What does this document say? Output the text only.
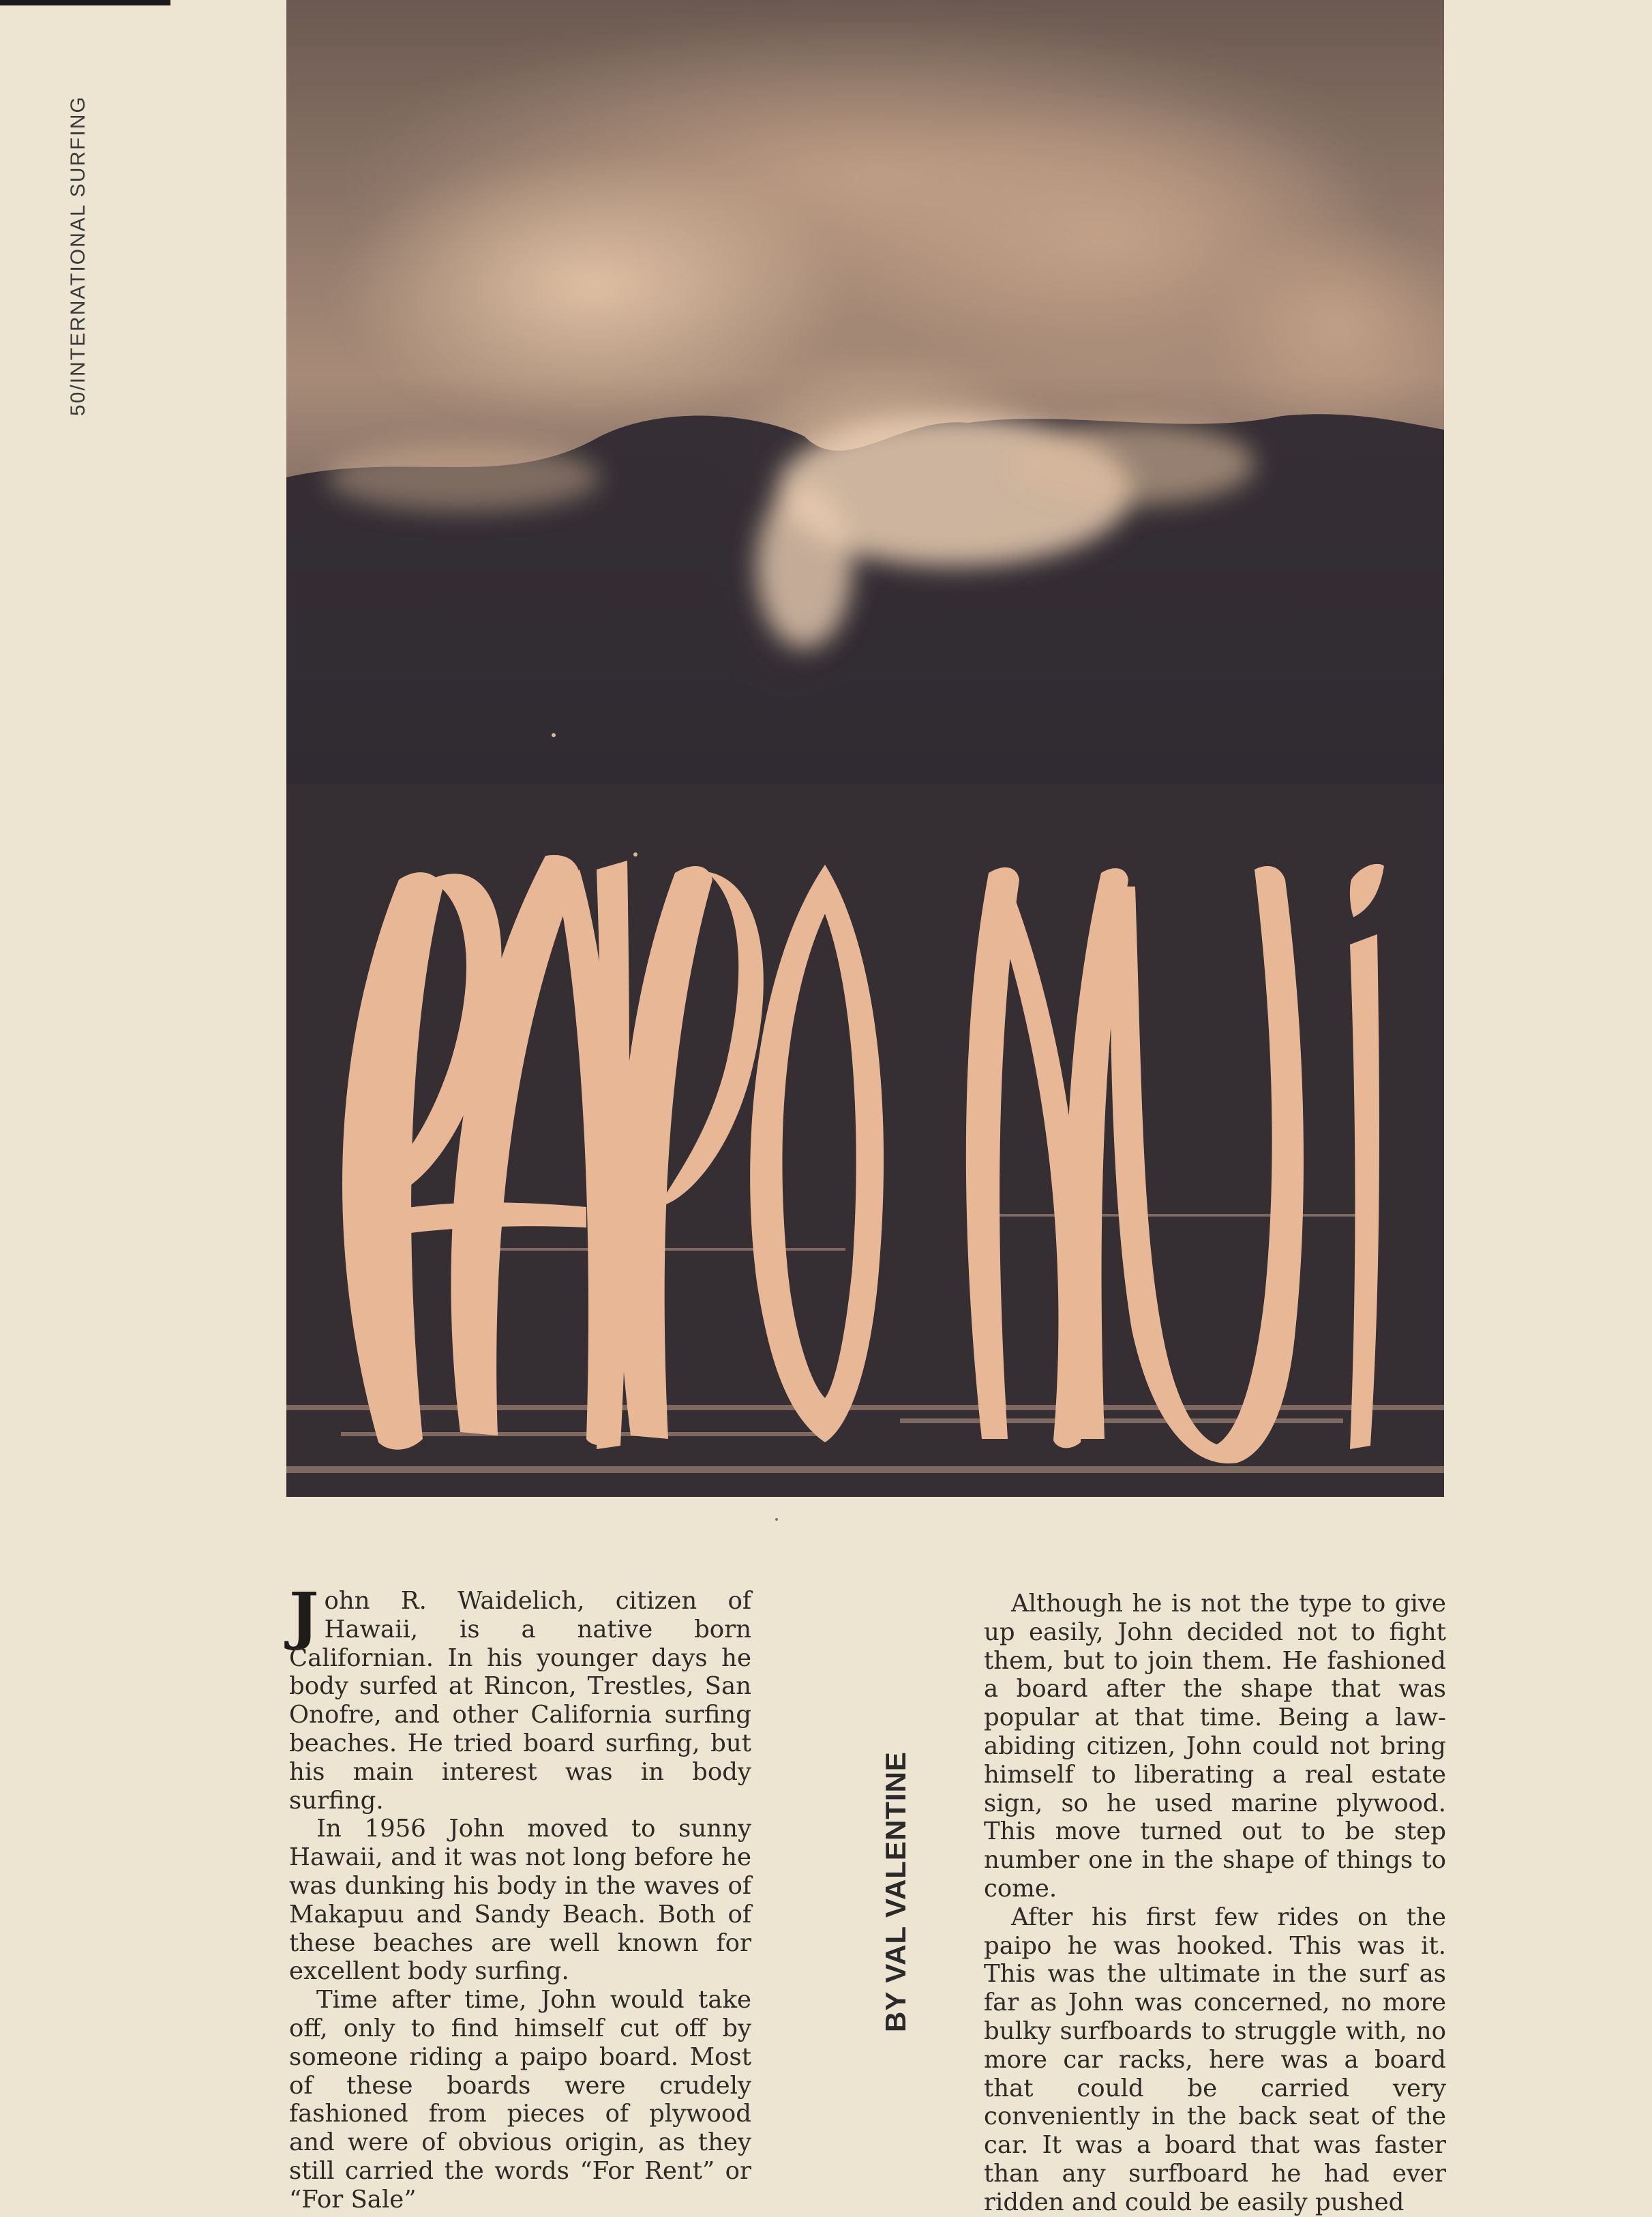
50/INTERNATIONAL SURFING
PAIPO NUI

John R. Waidelich, citizen of Hawaii, is a native born Californian. In his younger days he body surfed at Rincon, Trestles, San Onofre, and other California surfing beaches. He tried board surfing, but his main interest was in body surfing.

In 1956 John moved to sunny Hawaii, and it was not long before he was dunking his body in the waves of Makapuu and Sandy Beach. Both of these beaches are well known for excellent body surfing.

Time after time, John would take off, only to find himself cut off by someone riding a paipo board. Most of these boards were crudely fashioned from pieces of plywood and were of obvious origin, as they still carried the words “For Rent” or “For Sale”

BY VAL VALENTINE

Although he is not the type to give up easily, John decided not to fight them, but to join them. He fashioned a board after the shape that was popular at that time. Being a law-abiding citizen, John could not bring himself to liberating a real estate sign, so he used marine plywood. This move turned out to be step number one in the shape of things to come.

After his first few rides on the paipo he was hooked. This was it. This was the ultimate in the surf as far as John was concerned, no more bulky surfboards to struggle with, no more car racks, here was a board that could be carried very conveniently in the back seat of the car. It was a board that was faster than any surfboard he had ever ridden and could be easily pushed
